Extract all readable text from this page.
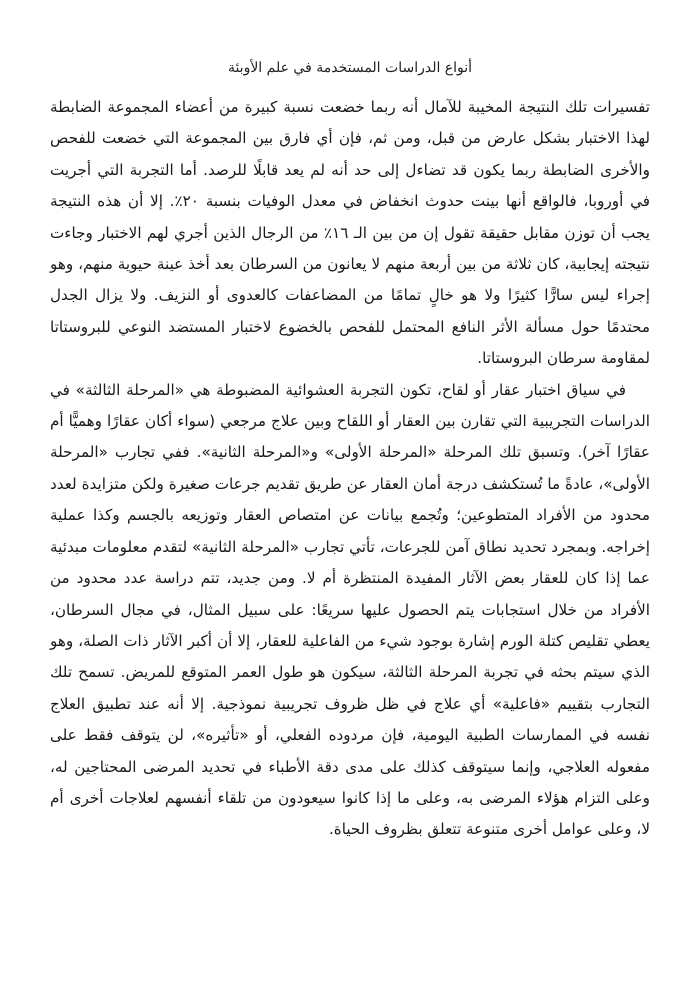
أنواع الدراسات المستخدمة في علم الأوبئة

تفسيرات تلك النتيجة المخيبة للآمال أنه ربما خضعت نسبة كبيرة من أعضاء المجموعة الضابطة لهذا الاختبار بشكل عارض من قبل، ومن ثم، فإن أي فارق بين المجموعة التي خضعت للفحص والأخرى الضابطة ربما يكون قد تضاءل إلى حد أنه لم يعد قابلًا للرصد. أما التجربة التي أجريت في أوروبا، فالواقع أنها بينت حدوث انخفاض في معدل الوفيات بنسبة ٢٠٪. إلا أن هذه النتيجة يجب أن توزن مقابل حقيقة تقول إن من بين الـ ١٦٪ من الرجال الذين أجري لهم الاختبار وجاءت نتيجته إيجابية، كان ثلاثة من بين أربعة منهم لا يعانون من السرطان بعد أخذ عينة حيوية منهم، وهو إجراء ليس سارًّا كثيرًا ولا هو خالٍ تمامًا من المضاعفات كالعدوى أو النزيف. ولا يزال الجدل محتدمًا حول مسألة الأثر النافع المحتمل للفحص بالخضوع لاختبار المستضد النوعي للبروستاتا لمقاومة سرطان البروستاتا.

في سياق اختبار عقار أو لقاح، تكون التجربة العشوائية المضبوطة هي «المرحلة الثالثة» في الدراسات التجريبية التي تقارن بين العقار أو اللقاح وبين علاج مرجعي (سواء أكان عقارًا وهميًّا أم عقارًا آخر). وتسبق تلك المرحلة «المرحلة الأولى» و«المرحلة الثانية». ففي تجارب «المرحلة الأولى»، عادةً ما تُستكشف درجة أمان العقار عن طريق تقديم جرعات صغيرة ولكن متزايدة لعدد محدود من الأفراد المتطوعين؛ وتُجمع بيانات عن امتصاص العقار وتوزيعه بالجسم وكذا عملية إخراجه. وبمجرد تحديد نطاق آمن للجرعات، تأتي تجارب «المرحلة الثانية» لتقدم معلومات مبدئية عما إذا كان للعقار بعض الآثار المفيدة المنتظرة أم لا. ومن جديد، تتم دراسة عدد محدود من الأفراد من خلال استجابات يتم الحصول عليها سريعًا: على سبيل المثال، في مجال السرطان، يعطي تقليص كتلة الورم إشارة بوجود شيء من الفاعلية للعقار، إلا أن أكبر الآثار ذات الصلة، وهو الذي سيتم بحثه في تجربة المرحلة الثالثة، سيكون هو طول العمر المتوقع للمريض. تسمح تلك التجارب بتقييم «فاعلية» أي علاج في ظل ظروف تجريبية نموذجية. إلا أنه عند تطبيق العلاج نفسه في الممارسات الطبية اليومية، فإن مردوده الفعلي، أو «تأثيره»، لن يتوقف فقط على مفعوله العلاجي، وإنما سيتوقف كذلك على مدى دقة الأطباء في تحديد المرضى المحتاجين له، وعلى التزام هؤلاء المرضى به، وعلى ما إذا كانوا سيعودون من تلقاء أنفسهم لعلاجات أخرى أم لا، وعلى عوامل أخرى متنوعة تتعلق بظروف الحياة.
